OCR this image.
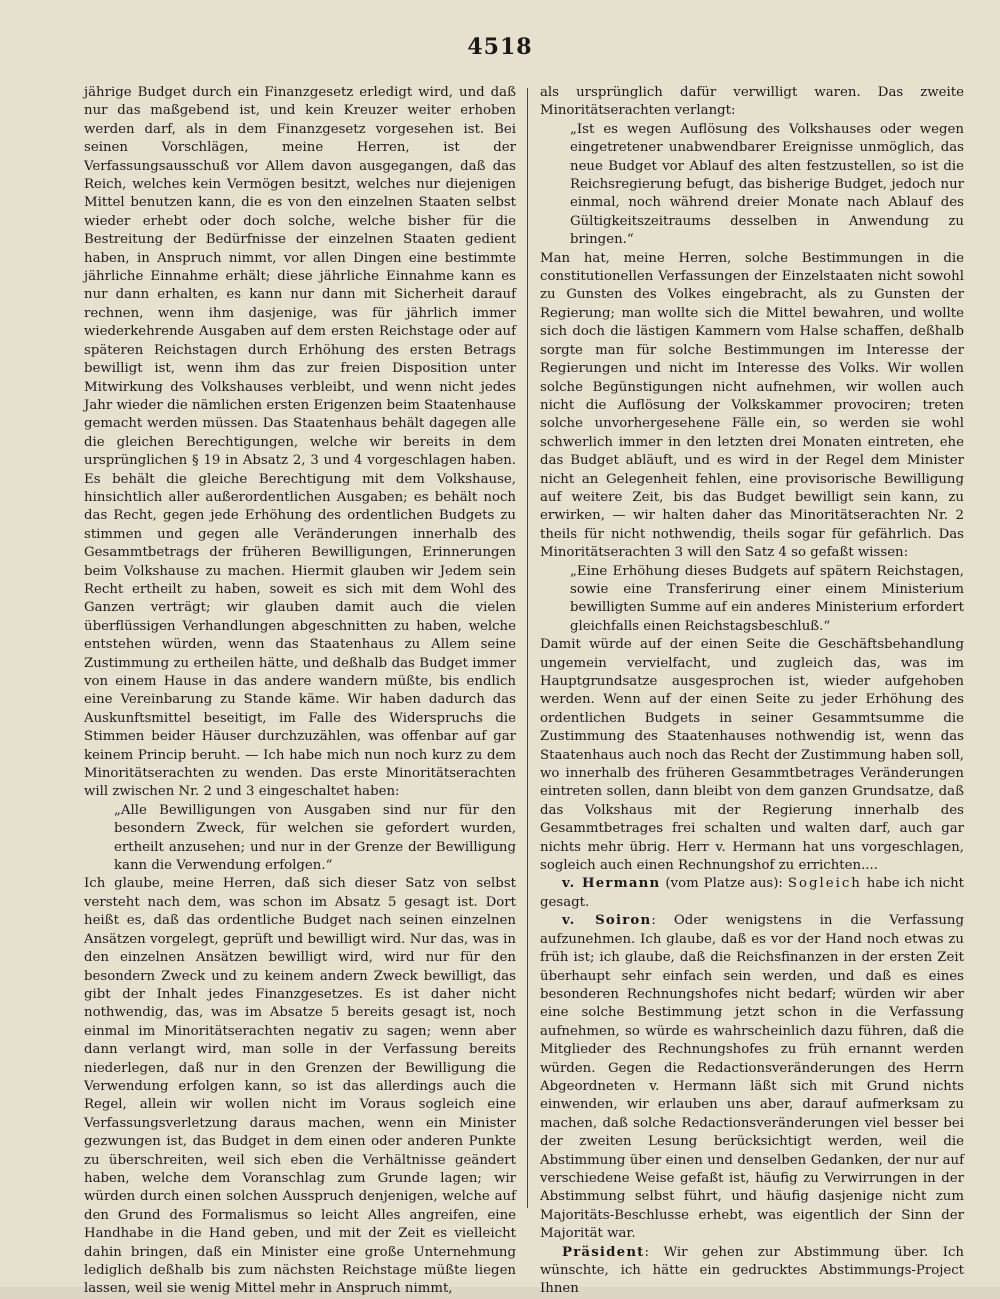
4518

jährige Budget durch ein Finanzgesetz erledigt wird, und daß nur das maßgebend ist, und kein Kreuzer weiter erhoben werden darf, als in dem Finanzgesetz vorgesehen ist. Bei seinen Vorschlägen, meine Herren, ist der Verfassungsausschuß vor Allem davon ausgegangen, daß das Reich, welches kein Vermögen besitzt, welches nur diejenigen Mittel benutzen kann, die es von den einzelnen Staaten selbst wieder erhebt oder doch solche, welche bisher für die Bestreitung der Bedürfnisse der einzelnen Staaten gedient haben, in Anspruch nimmt, vor allen Dingen eine bestimmte jährliche Einnahme erhält; diese jährliche Einnahme kann es nur dann erhalten, es kann nur dann mit Sicherheit darauf rechnen, wenn ihm dasjenige, was für jährlich immer wiederkehrende Ausgaben auf dem ersten Reichstage oder auf späteren Reichstagen durch Erhöhung des ersten Betrags bewilligt ist, wenn ihm das zur freien Disposition unter Mitwirkung des Volkshauses verbleibt, und wenn nicht jedes Jahr wieder die nämlichen ersten Erigenzen beim Staatenhause gemacht werden müssen. Das Staatenhaus behält dagegen alle die gleichen Berechtigungen, welche wir bereits in dem ursprünglichen § 19 in Absatz 2, 3 und 4 vorgeschlagen haben. Es behält die gleiche Berechtigung mit dem Volkshause, hinsichtlich aller außerordentlichen Ausgaben; es behält noch das Recht, gegen jede Erhöhung des ordentlichen Budgets zu stimmen und gegen alle Veränderungen innerhalb des Gesammtbetrags der früheren Bewilligungen, Erinnerungen beim Volkshause zu machen. Hiermit glauben wir Jedem sein Recht ertheilt zu haben, soweit es sich mit dem Wohl des Ganzen verträgt; wir glauben damit auch die vielen überflüssigen Verhandlungen abgeschnitten zu haben, welche entstehen würden, wenn das Staatenhaus zu Allem seine Zustimmung zu ertheilen hätte, und deßhalb das Budget immer von einem Hause in das andere wandern müßte, bis endlich eine Vereinbarung zu Stande käme. Wir haben dadurch das Auskunftsmittel beseitigt, im Falle des Widerspruchs die Stimmen beider Häuser durchzuzählen, was offenbar auf gar keinem Princip beruht. — Ich habe mich nun noch kurz zu dem Minoritätserachten zu wenden. Das erste Minoritätserachten will zwischen Nr. 2 und 3 eingeschaltet haben:

„Alle Bewilligungen von Ausgaben sind nur für den besondern Zweck, für welchen sie gefordert wurden, ertheilt anzusehen; und nur in der Grenze der Bewilligung kann die Verwendung erfolgen.“

Ich glaube, meine Herren, daß sich dieser Satz von selbst versteht nach dem, was schon im Absatz 5 gesagt ist. Dort heißt es, daß das ordentliche Budget nach seinen einzelnen Ansätzen vorgelegt, geprüft und bewilligt wird. Nur das, was in den einzelnen Ansätzen bewilligt wird, wird nur für den besondern Zweck und zu keinem andern Zweck bewilligt, das gibt der Inhalt jedes Finanzgesetzes. Es ist daher nicht nothwendig, das, was im Absatze 5 bereits gesagt ist, noch einmal im Minoritätserachten negativ zu sagen; wenn aber dann verlangt wird, man solle in der Verfassung bereits niederlegen, daß nur in den Grenzen der Bewilligung die Verwendung erfolgen kann, so ist das allerdings auch die Regel, allein wir wollen nicht im Voraus sogleich eine Verfassungsverletzung daraus machen, wenn ein Minister gezwungen ist, das Budget in dem einen oder anderen Punkte zu überschreiten, weil sich eben die Verhältnisse geändert haben, welche dem Voranschlag zum Grunde lagen; wir würden durch einen solchen Ausspruch denjenigen, welche auf den Grund des Formalismus so leicht Alles angreifen, eine Handhabe in die Hand geben, und mit der Zeit es vielleicht dahin bringen, daß ein Minister eine große Unternehmung lediglich deßhalb bis zum nächsten Reichstage müßte liegen lassen, weil sie wenig Mittel mehr in Anspruch nimmt,

als ursprünglich dafür verwilligt waren. Das zweite Minoritätserachten verlangt:

„Ist es wegen Auflösung des Volkshauses oder wegen eingetretener unabwendbarer Ereignisse unmöglich, das neue Budget vor Ablauf des alten festzustellen, so ist die Reichsregierung befugt, das bisherige Budget, jedoch nur einmal, noch während dreier Monate nach Ablauf des Gültigkeitszeitraums desselben in Anwendung zu bringen.“

Man hat, meine Herren, solche Bestimmungen in die constitutionellen Verfassungen der Einzelstaaten nicht sowohl zu Gunsten des Volkes eingebracht, als zu Gunsten der Regierung; man wollte sich die Mittel bewahren, und wollte sich doch die lästigen Kammern vom Halse schaffen, deßhalb sorgte man für solche Bestimmungen im Interesse der Regierungen und nicht im Interesse des Volks. Wir wollen solche Begünstigungen nicht aufnehmen, wir wollen auch nicht die Auflösung der Volkskammer provociren; treten solche unvorhergesehene Fälle ein, so werden sie wohl schwerlich immer in den letzten drei Monaten eintreten, ehe das Budget abläuft, und es wird in der Regel dem Minister nicht an Gelegenheit fehlen, eine provisorische Bewilligung auf weitere Zeit, bis das Budget bewilligt sein kann, zu erwirken, — wir halten daher das Minoritätserachten Nr. 2 theils für nicht nothwendig, theils sogar für gefährlich. Das Minoritätserachten 3 will den Satz 4 so gefaßt wissen:

„Eine Erhöhung dieses Budgets auf spätern Reichstagen, sowie eine Transferirung einer einem Ministerium bewilligten Summe auf ein anderes Ministerium erfordert gleichfalls einen Reichstagsbeschluß.“

Damit würde auf der einen Seite die Geschäftsbehandlung ungemein vervielfacht, und zugleich das, was im Hauptgrundsatze ausgesprochen ist, wieder aufgehoben werden. Wenn auf der einen Seite zu jeder Erhöhung des ordentlichen Budgets in seiner Gesammtsumme die Zustimmung des Staatenhauses nothwendig ist, wenn das Staatenhaus auch noch das Recht der Zustimmung haben soll, wo innerhalb des früheren Gesammtbetrages Veränderungen eintreten sollen, dann bleibt von dem ganzen Grundsatze, daß das Volkshaus mit der Regierung innerhalb des Gesammtbetrages frei schalten und walten darf, auch gar nichts mehr übrig. Herr v. Hermann hat uns vorgeschlagen, sogleich auch einen Rechnungshof zu errichten....

v. Hermann (vom Platze aus): Sogleich habe ich nicht gesagt.

v. Soiron: Oder wenigstens in die Verfassung aufzunehmen. Ich glaube, daß es vor der Hand noch etwas zu früh ist; ich glaube, daß die Reichsfinanzen in der ersten Zeit überhaupt sehr einfach sein werden, und daß es eines besonderen Rechnungshofes nicht bedarf; würden wir aber eine solche Bestimmung jetzt schon in die Verfassung aufnehmen, so würde es wahrscheinlich dazu führen, daß die Mitglieder des Rechnungshofes zu früh ernannt werden würden. Gegen die Redactionsveränderungen des Herrn Abgeordneten v. Hermann läßt sich mit Grund nichts einwenden, wir erlauben uns aber, darauf aufmerksam zu machen, daß solche Redactionsveränderungen viel besser bei der zweiten Lesung berücksichtigt werden, weil die Abstimmung über einen und denselben Gedanken, der nur auf verschiedene Weise gefaßt ist, häufig zu Verwirrungen in der Abstimmung selbst führt, und häufig dasjenige nicht zum Majoritäts-Beschlusse erhebt, was eigentlich der Sinn der Majorität war.

Präsident: Wir gehen zur Abstimmung über. Ich wünschte, ich hätte ein gedrucktes Abstimmungs-Project Ihnen
